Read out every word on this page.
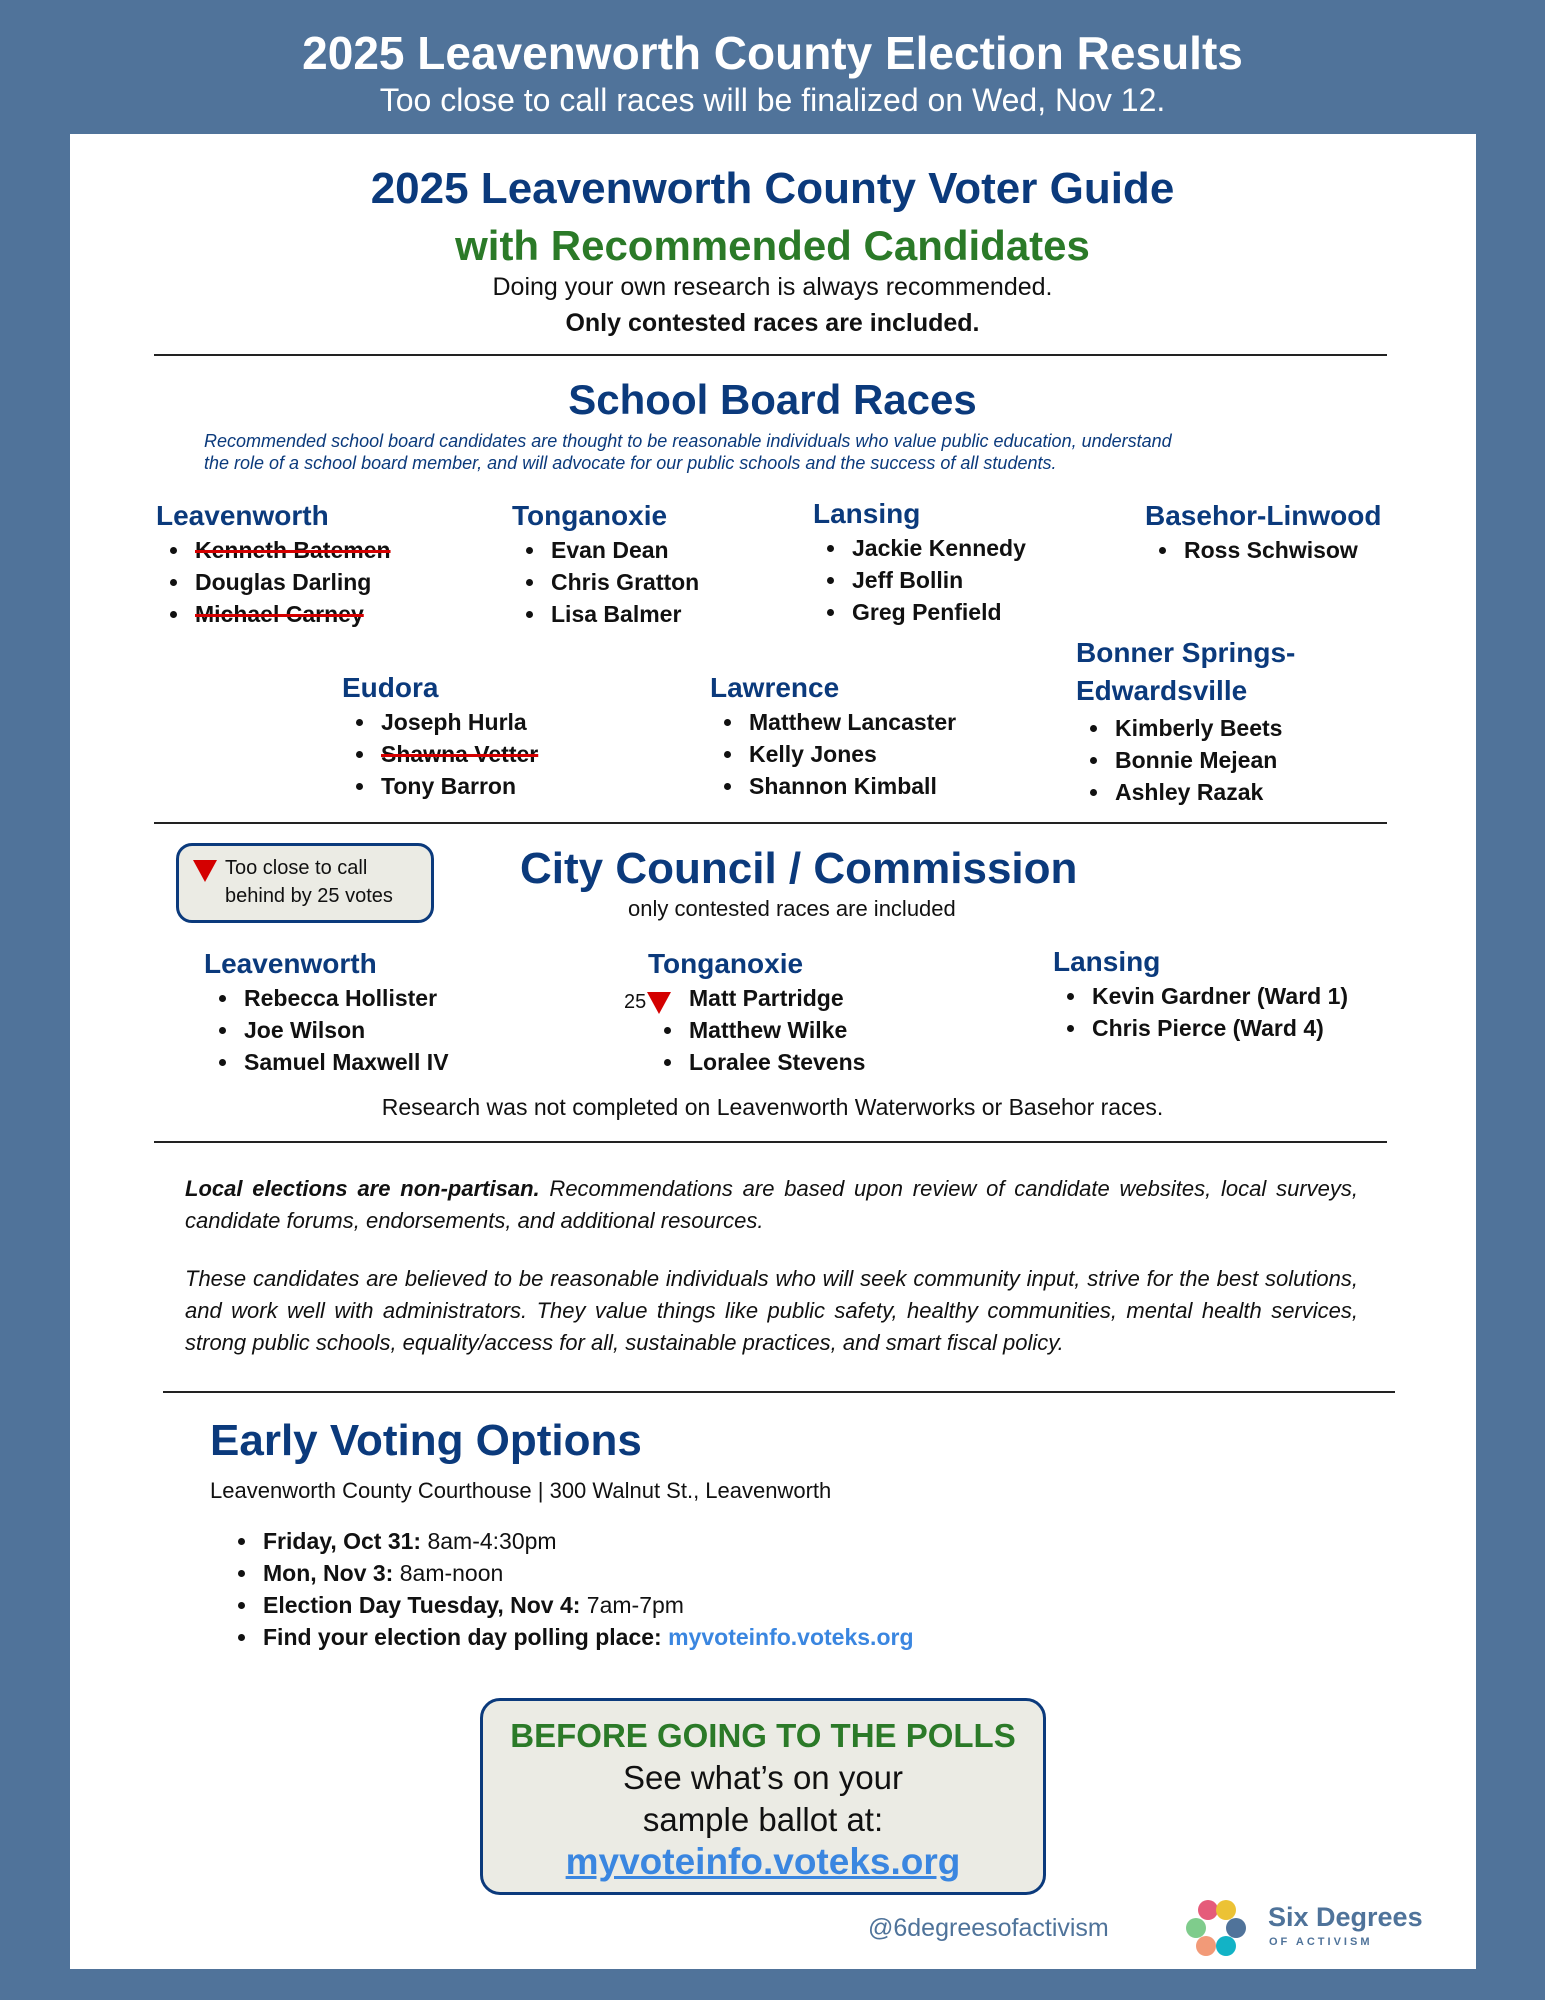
2025 Leavenworth County Election Results
Too close to call races will be finalized on Wed, Nov 12.
2025 Leavenworth County Voter Guide
with Recommended Candidates
Doing your own research is always recommended.
Only contested races are included.
School Board Races
Recommended school board candidates are thought to be reasonable individuals who value public education, understand
the role of a school board member, and will advocate for our public schools and the success of all students.
Leavenworth
Kenneth Batemen
Douglas Darling
Michael Carney
Tonganoxie
Evan Dean
Chris Gratton
Lisa Balmer
Lansing
Jackie Kennedy
Jeff Bollin
Greg Penfield
Basehor-Linwood
Ross Schwisow
Eudora
Joseph Hurla
Shawna Vetter
Tony Barron
Lawrence
Matthew Lancaster
Kelly Jones
Shannon Kimball
Bonner Springs-
Edwardsville
Kimberly Beets
Bonnie Mejean
Ashley Razak
Too close to call
behind by 25 votes
City Council / Commission
only contested races are included
Leavenworth
Rebecca Hollister
Joe Wilson
Samuel Maxwell IV
Tonganoxie
25	Matt Partridge
Matthew Wilke
Loralee Stevens
Lansing
Kevin Gardner (Ward 1)
Chris Pierce (Ward 4)
Research was not completed on Leavenworth Waterworks or Basehor races.

Local elections are non-partisan. Recommendations are based upon review of candidate websites, local surveys, candidate forums, endorsements, and additional resources.

These candidates are believed to be reasonable individuals who will seek community input, strive for the best solutions, and work well with administrators. They value things like public safety, healthy communities, mental health services, strong public schools, equality/access for all, sustainable practices, and smart fiscal policy.

Early Voting Options
Leavenworth County Courthouse | 300 Walnut St., Leavenworth
Friday, Oct 31: 8am-4:30pm
Mon, Nov 3: 8am-noon
Election Day Tuesday, Nov 4: 7am-7pm
Find your election day polling place: myvoteinfo.voteks.org
BEFORE GOING TO THE POLLS
See what’s on your
sample ballot at:
myvoteinfo.voteks.org
@6degreesofactivism	Six Degrees
OF ACTIVISM
